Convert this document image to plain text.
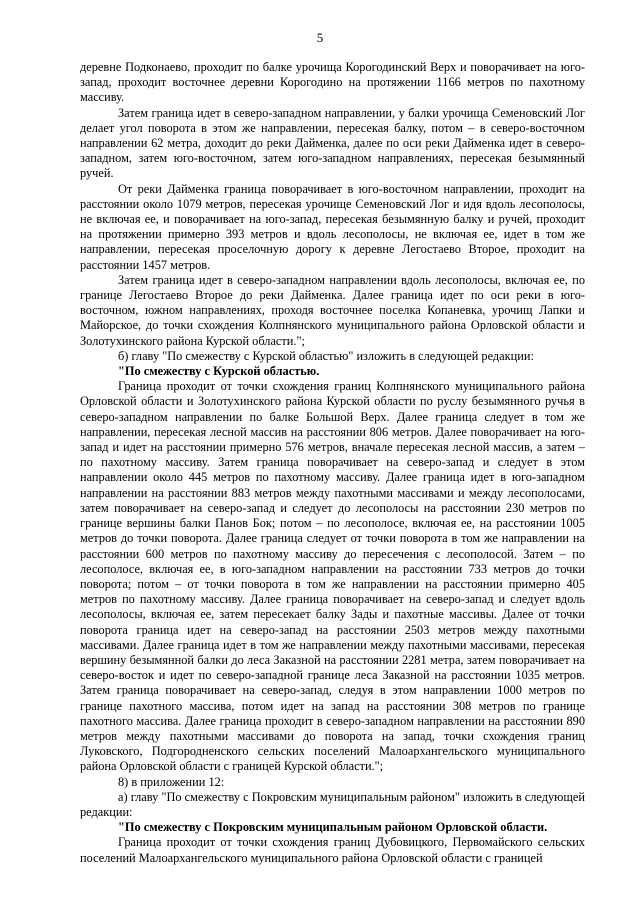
5

деревне Подконаево, проходит по балке урочища Корогодинский Верх и поворачивает на юго-запад, проходит восточнее деревни Корогодино на протяжении 1166 метров по пахотному массиву.

Затем граница идет в северо-западном направлении, у балки урочища Семеновский Лог делает угол поворота в этом же направлении, пересекая балку, потом – в северо-восточном направлении 62 метра, доходит до реки Дайменка, далее по оси реки Дайменка идет в северо-западном, затем юго-восточном, затем юго-западном направлениях, пересекая безымянный ручей.

От реки Дайменка граница поворачивает в юго-восточном направлении, проходит на расстоянии около 1079 метров, пересекая урочище Семеновский Лог и идя вдоль лесополосы, не включая ее, и поворачивает на юго-запад, пересекая безымянную балку и ручей, проходит на протяжении примерно 393 метров и вдоль лесополосы, не включая ее, идет в том же направлении, пересекая проселочную дорогу к деревне Легостаево Второе, проходит на расстоянии 1457 метров.

Затем граница идет в северо-западном направлении вдоль лесополосы, включая ее, по границе Легостаево Второе до реки Дайменка. Далее граница идет по оси реки в юго-восточном, южном направлениях, проходя восточнее поселка Копаневка, урочищ Лапки и Майорское, до точки схождения Колпнянского муниципального района Орловской области и Золотухинского района Курской области.";

б) главу "По смежеству с Курской областью" изложить в следующей редакции:

"По смежеству с Курской областью.

Граница проходит от точки схождения границ Колпнянского муниципального района Орловской области и Золотухинского района Курской области по руслу безымянного ручья в северо-западном направлении по балке Большой Верх. Далее граница следует в том же направлении, пересекая лесной массив на расстоянии 806 метров. Далее поворачивает на юго-запад и идет на расстоянии примерно 576 метров, вначале пересекая лесной массив, а затем – по пахотному массиву. Затем граница поворачивает на северо-запад и следует в этом направлении около 445 метров по пахотному массиву. Далее граница идет в юго-западном направлении на расстоянии 883 метров между пахотными массивами и между лесополосами, затем поворачивает на северо-запад и следует до лесополосы на расстоянии 230 метров по границе вершины балки Панов Бок; потом – по лесополосе, включая ее, на расстоянии 1005 метров до точки поворота. Далее граница следует от точки поворота в том же направлении на расстоянии 600 метров по пахотному массиву до пересечения с лесополосой. Затем – по лесополосе, включая ее, в юго-западном направлении на расстоянии 733 метров до точки поворота; потом – от точки поворота в том же направлении на расстоянии примерно 405 метров по пахотному массиву. Далее граница поворачивает на северо-запад и следует вдоль лесополосы, включая ее, затем пересекает балку Зады и пахотные массивы. Далее от точки поворота граница идет на северо-запад на расстоянии 2503 метров между пахотными массивами. Далее граница идет в том же направлении между пахотными массивами, пересекая вершину безымянной балки до леса Заказной на расстоянии 2281 метра, затем поворачивает на северо-восток и идет по северо-западной границе леса Заказной на расстоянии 1035 метров. Затем граница поворачивает на северо-запад, следуя в этом направлении 1000 метров по границе пахотного массива, потом идет на запад на расстоянии 308 метров по границе пахотного массива. Далее граница проходит в северо-западном направлении на расстоянии 890 метров между пахотными массивами до поворота на запад, точки схождения границ Луковского, Подгородненского сельских поселений Малоархангельского муниципального района Орловской области с границей Курской области.";

8) в приложении 12:

а) главу "По смежеству с Покровским муниципальным районом" изложить в следующей редакции:

"По смежеству с Покровским муниципальным районом Орловской области.

Граница проходит от точки схождения границ Дубовицкого, Первомайского сельских поселений Малоархангельского муниципального района Орловской области с границей
